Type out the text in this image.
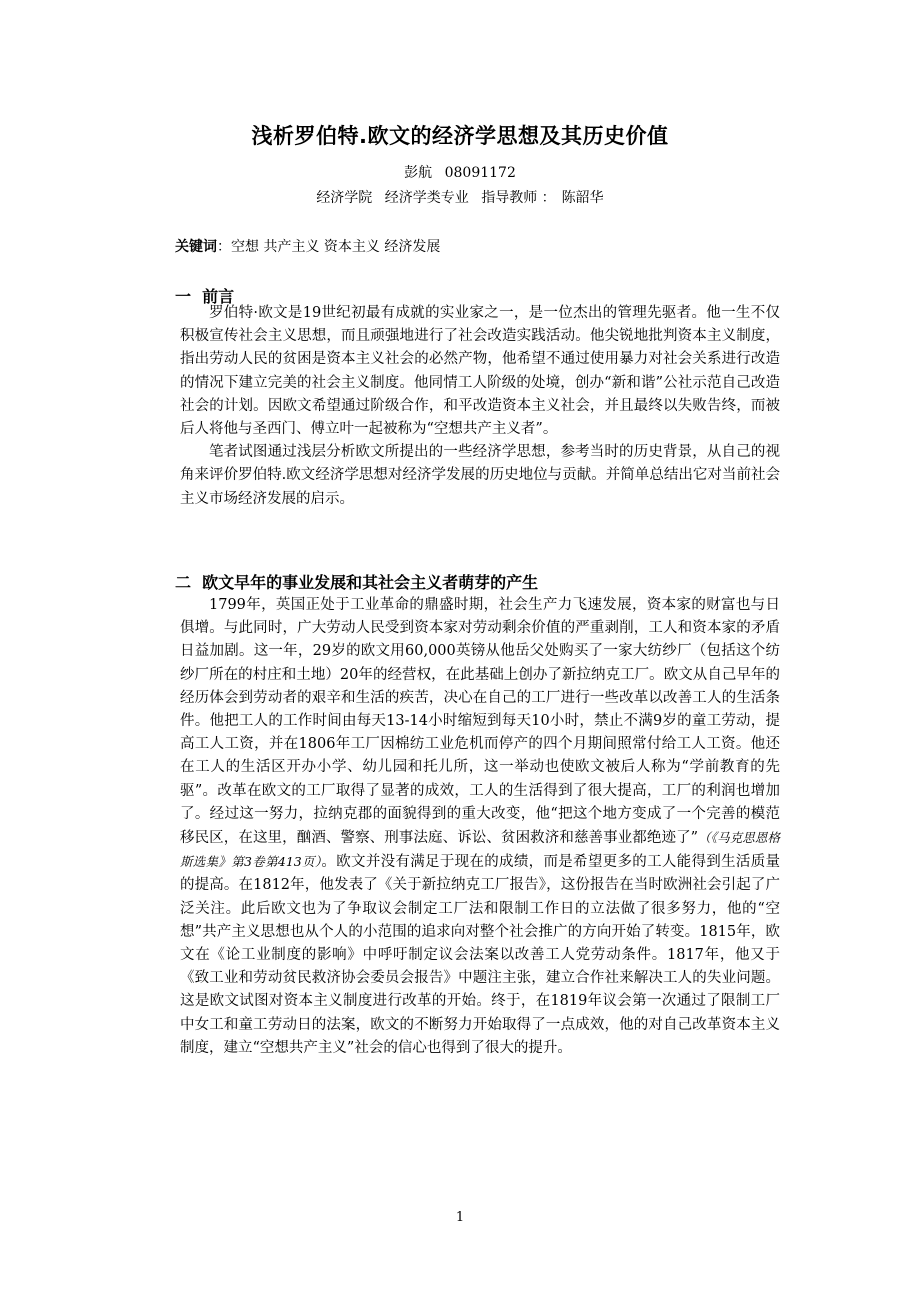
浅析罗伯特.欧文的经济学思想及其历史价值
彭航 08091172
经济学院 经济学类专业 指导教师 ： 陈韶华
关键词：空想 共产主义 资本主义 经济发展
一 前言

罗伯特·欧文是19世纪初最有成就的实业家之一，是一位杰出的管理先驱者。他一生不仅积极宣传社会主义思想，而且顽强地进行了社会改造实践活动。他尖锐地批判资本主义制度，指出劳动人民的贫困是资本主义社会的必然产物，他希望不通过使用暴力对社会关系进行改造的情况下建立完美的社会主义制度。他同情工人阶级的处境，创办“新和谐”公社示范自己改造社会的计划。因欧文希望通过阶级合作，和平改造资本主义社会，并且最终以失败告终，而被后人将他与圣西门、傅立叶一起被称为“空想共产主义者”。

笔者试图通过浅层分析欧文所提出的一些经济学思想，参考当时的历史背景，从自己的视角来评价罗伯特.欧文经济学思想对经济学发展的历史地位与贡献。并简单总结出它对当前社会主义市场经济发展的启示。

二 欧文早年的事业发展和其社会主义者萌芽的产生

1799年，英国正处于工业革命的鼎盛时期，社会生产力飞速发展，资本家的财富也与日俱增。与此同时，广大劳动人民受到资本家对劳动剩余价值的严重剥削，工人和资本家的矛盾日益加剧。这一年，29岁的欧文用60,000英镑从他岳父处购买了一家大纺纱厂（包括这个纺纱厂所在的村庄和土地）20年的经营权，在此基础上创办了新拉纳克工厂。欧文从自己早年的经历体会到劳动者的艰辛和生活的疾苦，决心在自己的工厂进行一些改革以改善工人的生活条件。他把工人的工作时间由每天13-14小时缩短到每天10小时，禁止不满9岁的童工劳动，提高工人工资，并在1806年工厂因棉纺工业危机而停产的四个月期间照常付给工人工资。他还在工人的生活区开办小学、幼儿园和托儿所，这一举动也使欧文被后人称为“学前教育的先驱”。改革在欧文的工厂取得了显著的成效，工人的生活得到了很大提高，工厂的利润也增加了。经过这一努力，拉纳克郡的面貌得到的重大改变，他“把这个地方变成了一个完善的模范移民区，在这里，酗酒、警察、刑事法庭、诉讼、贫困救济和慈善事业都绝迹了”（《马克思恩格斯选集》第3卷第413页）。欧文并没有满足于现在的成绩，而是希望更多的工人能得到生活质量的提高。在1812年，他发表了《关于新拉纳克工厂报告》，这份报告在当时欧洲社会引起了广泛关注。此后欧文也为了争取议会制定工厂法和限制工作日的立法做了很多努力，他的“空想”共产主义思想也从个人的小范围的追求向对整个社会推广的方向开始了转变。1815年，欧文在《论工业制度的影响》中呼吁制定议会法案以改善工人党劳动条件。1817年，他又于《致工业和劳动贫民救济协会委员会报告》中题注主张，建立合作社来解决工人的失业问题。这是欧文试图对资本主义制度进行改革的开始。终于，在1819年议会第一次通过了限制工厂中女工和童工劳动日的法案，欧文的不断努力开始取得了一点成效，他的对自己改革资本主义制度，建立“空想共产主义”社会的信心也得到了很大的提升。

1
